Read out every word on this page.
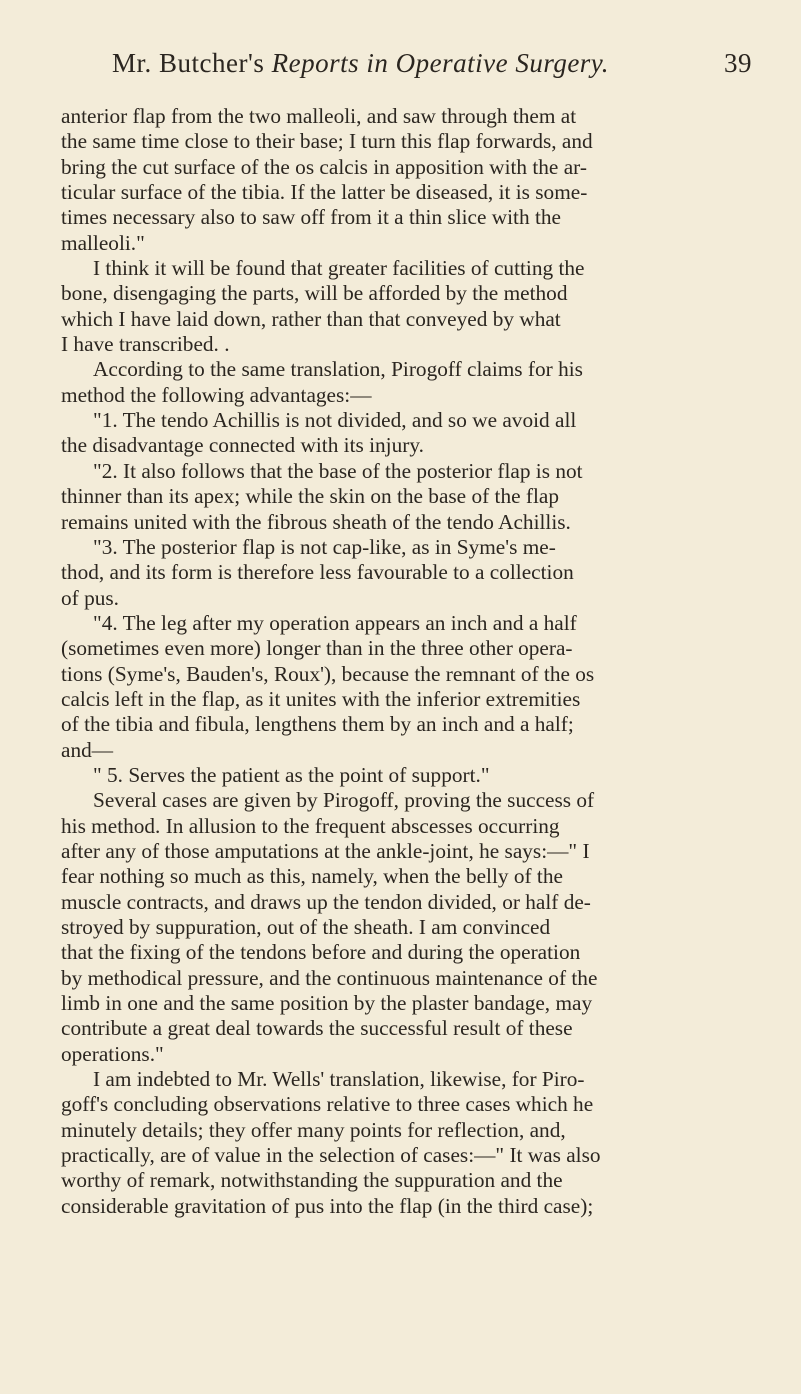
Mr. Butcher's Reports in Operative Surgery.	39
anterior flap from the two malleoli, and saw through them at
the same time close to their base; I turn this flap forwards, and
bring the cut surface of the os calcis in apposition with the ar-
ticular surface of the tibia. If the latter be diseased, it is some-
times necessary also to saw off from it a thin slice with the
malleoli."
I think it will be found that greater facilities of cutting the
bone, disengaging the parts, will be afforded by the method
which I have laid down, rather than that conveyed by what
I have transcribed. .
According to the same translation, Pirogoff claims for his
method the following advantages:—
"1. The tendo Achillis is not divided, and so we avoid all
the disadvantage connected with its injury.
"2. It also follows that the base of the posterior flap is not
thinner than its apex; while the skin on the base of the flap
remains united with the fibrous sheath of the tendo Achillis.
"3. The posterior flap is not cap-like, as in Syme's me-
thod, and its form is therefore less favourable to a collection
of pus.
"4. The leg after my operation appears an inch and a half
(sometimes even more) longer than in the three other opera-
tions (Syme's, Bauden's, Roux'), because the remnant of the os
calcis left in the flap, as it unites with the inferior extremities
of the tibia and fibula, lengthens them by an inch and a half;
and—
" 5. Serves the patient as the point of support."
Several cases are given by Pirogoff, proving the success of
his method. In allusion to the frequent abscesses occurring
after any of those amputations at the ankle-joint, he says:—" I
fear nothing so much as this, namely, when the belly of the
muscle contracts, and draws up the tendon divided, or half de-
stroyed by suppuration, out of the sheath. I am convinced
that the fixing of the tendons before and during the operation
by methodical pressure, and the continuous maintenance of the
limb in one and the same position by the plaster bandage, may
contribute a great deal towards the successful result of these
operations."
I am indebted to Mr. Wells' translation, likewise, for Piro-
goff's concluding observations relative to three cases which he
minutely details; they offer many points for reflection, and,
practically, are of value in the selection of cases:—" It was also
worthy of remark, notwithstanding the suppuration and the
considerable gravitation of pus into the flap (in the third case);
